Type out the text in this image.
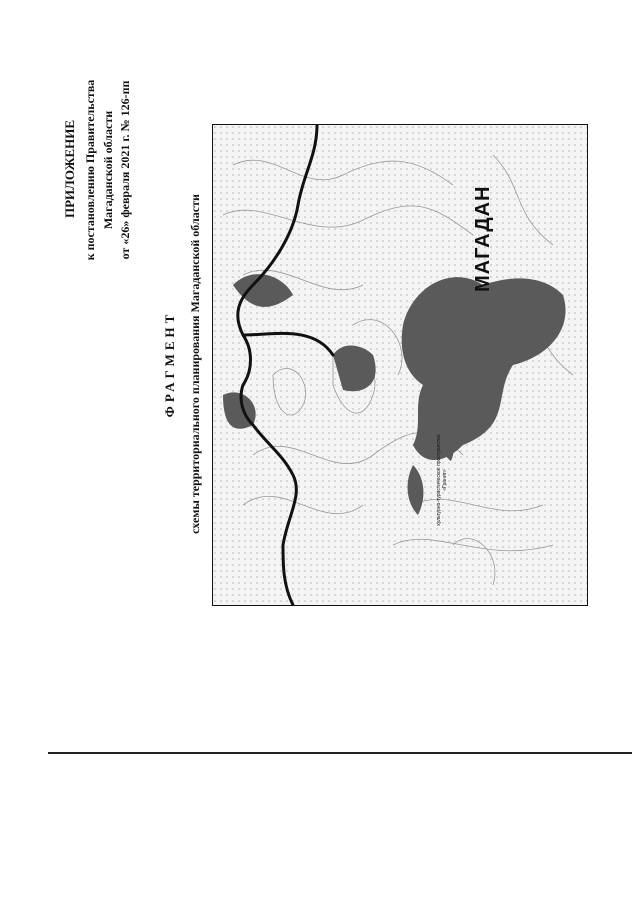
ПРИЛОЖЕНИЕ к постановлению Правительства Магаданской области от «26» февраля 2021 г. № 126-пп
ФРАГМЕНТ схемы территориального планирования Магаданской области	МАГАДАН
культурно-туристическое пространство «Гранит»
